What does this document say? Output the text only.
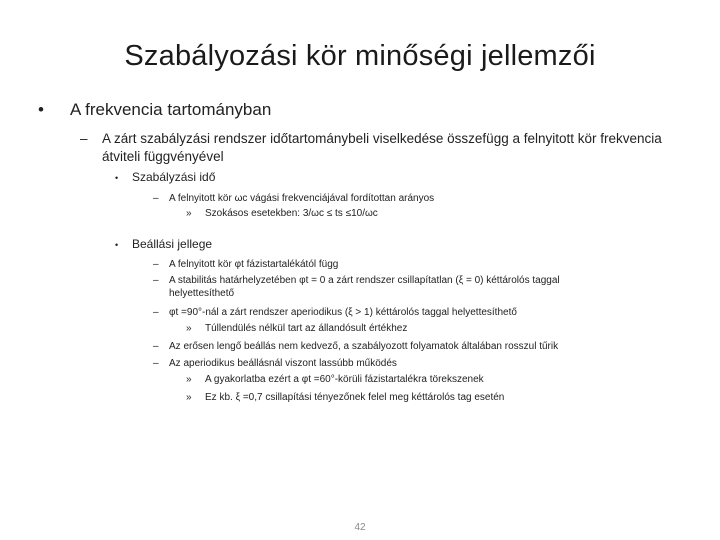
Szabályozási kör minőségi jellemzői
• A frekvencia tartományban
– A zárt szabályzási rendszer időtartománybeli viselkedése összefügg a felnyitott kör frekvencia átviteli függvényével
• Szabályzási idő
– A felnyitott kör ωc vágási frekvenciájával fordítottan arányos
» Szokásos esetekben: 3/ωc ≤ ts ≤10/ωc
• Beállási jellege
– A felnyitott kör φt fázistartalékától függ
– A stabilitás határhelyzetében φt = 0 a zárt rendszer csillapítatlan (ξ = 0) kéttárolós taggal helyettesíthető
– φt =90°-nál a zárt rendszer aperiodikus (ξ > 1) kéttárolós taggal helyettesíthető
» Túllendülés nélkül tart az állandósult értékhez
– Az erősen lengő beállás nem kedvező, a szabályozott folyamatok általában rosszul tűrik
– Az aperiodikus beállásnál viszont lassúbb működés
» A gyakorlatba ezért a φt =60°-körüli fázistartalékra törekszenek
» Ez kb. ξ =0,7 csillapítási tényezőnek felel meg kéttárolós tag esetén
42
